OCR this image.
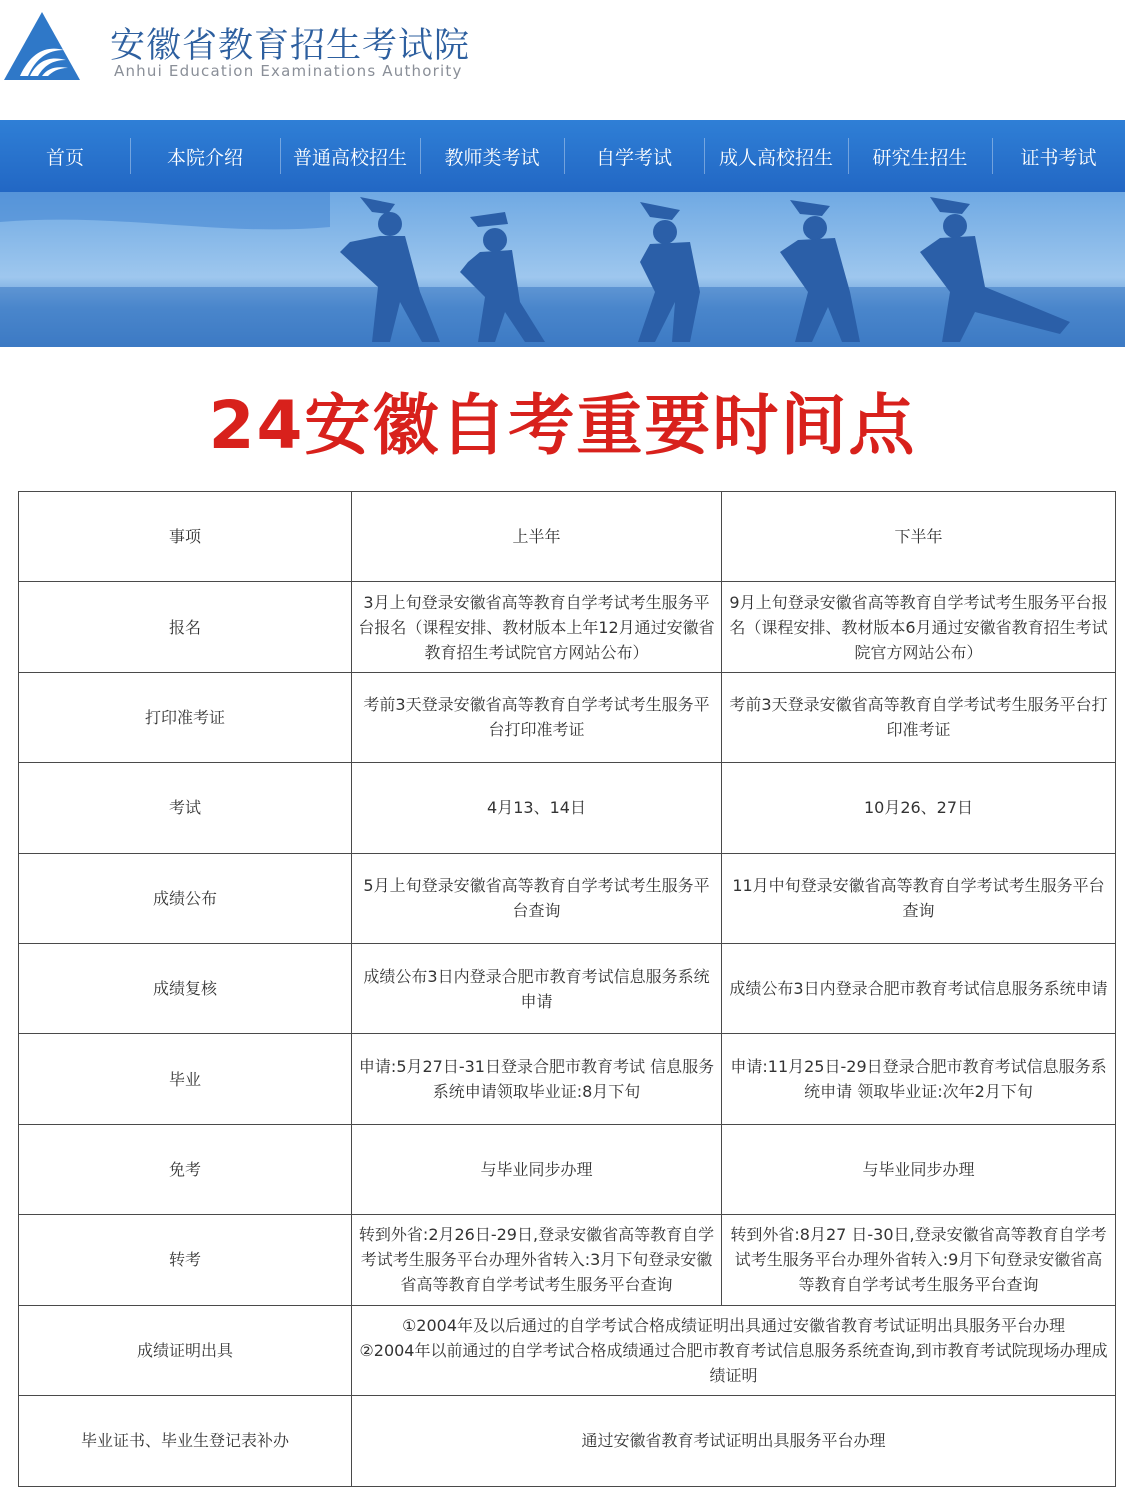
安徽省教育招生考试院
Anhui Education Examinations Authority
首页	本院介绍	普通高校招生	教师类考试	自学考试	成人高校招生	研究生招生	证书考试
24安徽自考重要时间点
事项	上半年	下半年
报名	3月上旬登录安徽省高等教育自学考试考生服务平台报名（课程安排、教材版本上年12月通过安徽省教育招生考试院官方网站公布）	9月上旬登录安徽省高等教育自学考试考生服务平台报名（课程安排、教材版本6月通过安徽省教育招生考试院官方网站公布）
打印准考证	考前3天登录安徽省高等教育自学考试考生服务平台打印准考证	考前3天登录安徽省高等教育自学考试考生服务平台打印准考证
考试	4月13、14日	10月26、27日
成绩公布	5月上旬登录安徽省高等教育自学考试考生服务平台查询	11月中旬登录安徽省高等教育自学考试考生服务平台查询
成绩复核	成绩公布3日内登录合肥市教育考试信息服务系统申请	成绩公布3日内登录合肥市教育考试信息服务系统申请
毕业	申请:5月27日-31日登录合肥市教育考试 信息服务系统申请领取毕业证:8月下旬	申请:11月25日-29日登录合肥市教育考试信息服务系统申请 领取毕业证:次年2月下旬
免考	与毕业同步办理	与毕业同步办理
转考	转到外省:2月26日-29日,登录安徽省高等教育自学考试考生服务平台办理外省转入:3月下旬登录安徽省高等教育自学考试考生服务平台查询	转到外省:8月27 日-30日,登录安徽省高等教育自学考试考生服务平台办理外省转入:9月下旬登录安徽省高等教育自学考试考生服务平台查询
成绩证明出具	①2004年及以后通过的自学考试合格成绩证明出具通过安徽省教育考试证明出具服务平台办理
②2004年以前通过的自学考试合格成绩通过合肥市教育考试信息服务系统查询,到市教育考试院现场办理成绩证明	

毕业证书、毕业生登记表补办	通过安徽省教育考试证明出具服务平台办理	
